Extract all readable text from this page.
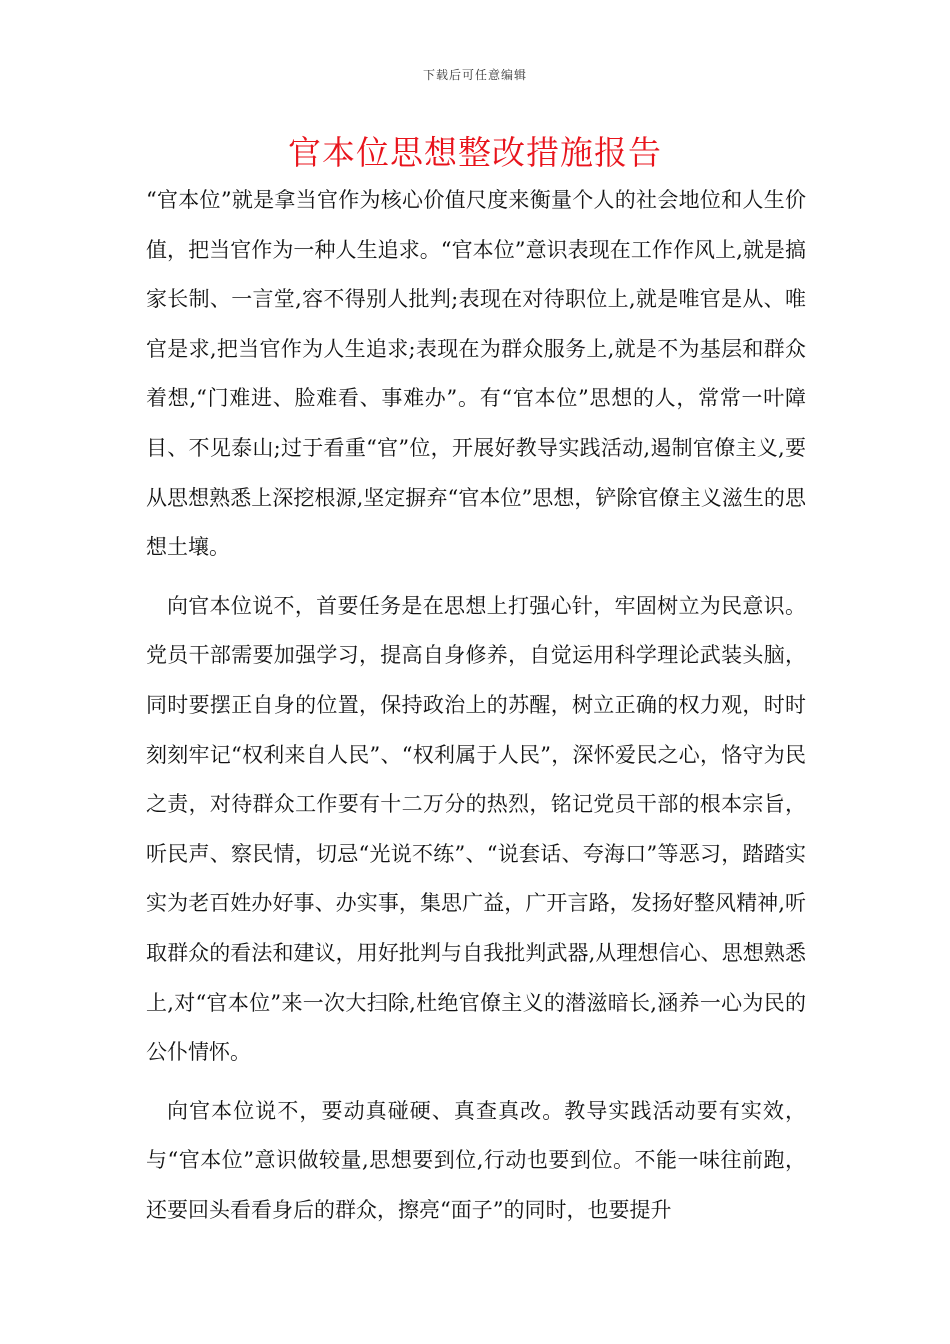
下载后可任意编辑
官本位思想整改措施报告

“官本位”就是拿当官作为核心价值尺度来衡量个人的社会地位和人生价值，把当官作为一种人生追求。“官本位”意识表现在工作作风上,就是搞家长制、一言堂,容不得别人批判;表现在对待职位上,就是唯官是从、唯官是求,把当官作为人生追求;表现在为群众服务上,就是不为基层和群众着想,“门难进、脸难看、事难办”。有“官本位”思想的人，常常一叶障目、不见泰山;过于看重“官”位，开展好教导实践活动,遏制官僚主义,要从思想熟悉上深挖根源,坚定摒弃“官本位”思想，铲除官僚主义滋生的思想土壤。

向官本位说不，首要任务是在思想上打强心针，牢固树立为民意识。党员干部需要加强学习，提高自身修养，自觉运用科学理论武装头脑，同时要摆正自身的位置，保持政治上的苏醒，树立正确的权力观，时时刻刻牢记“权利来自人民”、“权利属于人民”，深怀爱民之心，恪守为民之责，对待群众工作要有十二万分的热烈，铭记党员干部的根本宗旨，听民声、察民情，切忌“光说不练”、“说套话、夸海口”等恶习，踏踏实实为老百姓办好事、办实事，集思广益，广开言路，发扬好整风精神,听取群众的看法和建议，用好批判与自我批判武器,从理想信心、思想熟悉上,对“官本位”来一次大扫除,杜绝官僚主义的潜滋暗长,涵养一心为民的公仆情怀。

向官本位说不，要动真碰硬、真查真改。教导实践活动要有实效，与“官本位”意识做较量,思想要到位,行动也要到位。不能一味往前跑，还要回头看看身后的群众，擦亮“面子”的同时，也要提升
